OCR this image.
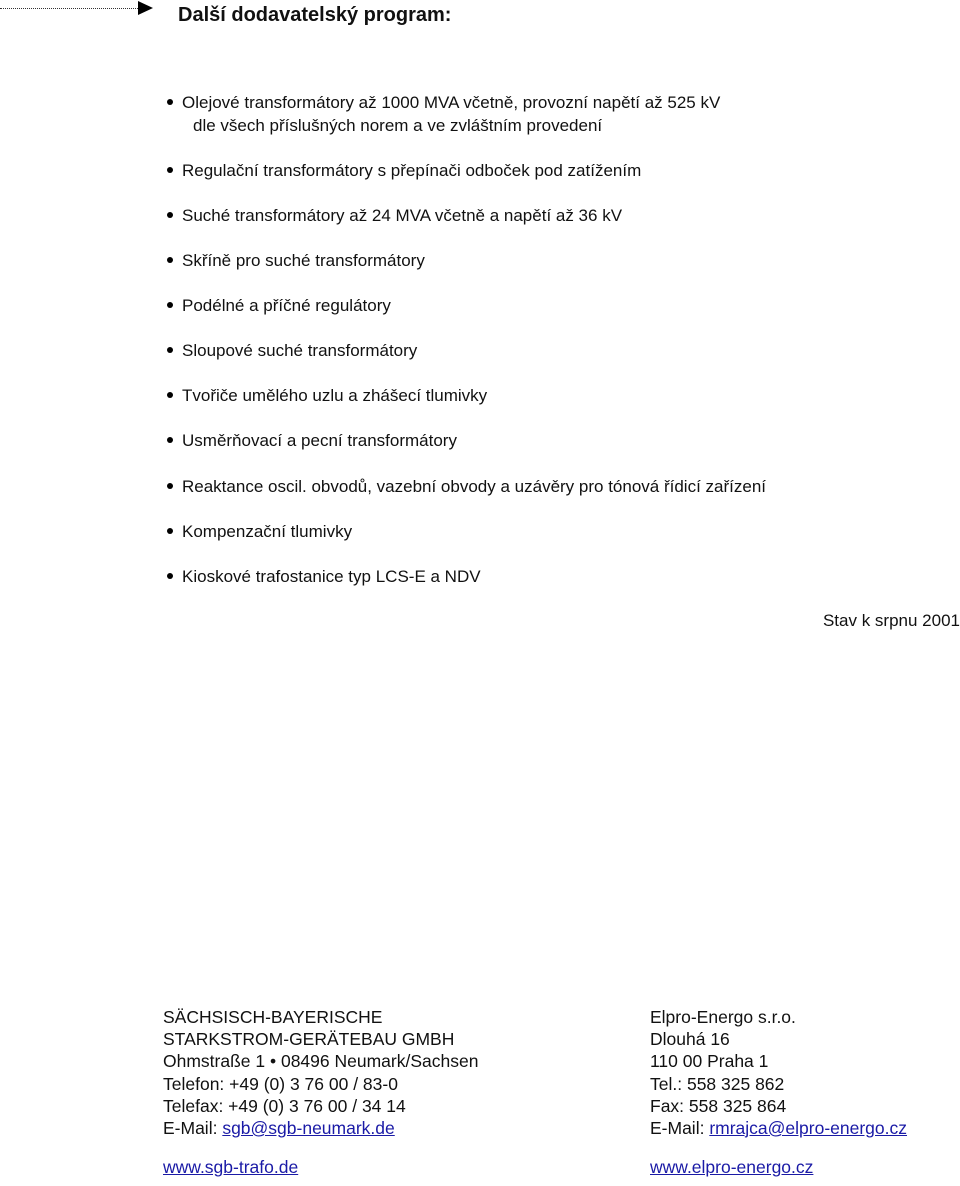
Další dodavatelský program:
Olejové transformátory až 1000 MVA včetně, provozní napětí až 525 kV
dle všech příslušných norem a ve zvláštním provedení
Regulační transformátory s přepínači odboček pod zatížením
Suché transformátory až 24 MVA včetně a napětí až 36 kV
Skříně pro suché transformátory
Podélné a příčné regulátory
Sloupové suché transformátory
Tvořiče umělého uzlu a zhášecí tlumivky
Usměrňovací a pecní transformátory
Reaktance oscil. obvodů, vazební obvody a uzávěry pro tónová řídicí zařízení
Kompenzační tlumivky
Kioskové trafostanice typ LCS-E a NDV
Stav k srpnu 2001
SÄCHSISCH-BAYERISCHE
STARKSTROM-GERÄTEBAU GMBH
Ohmstraße 1 • 08496 Neumark/Sachsen
Telefon: +49 (0) 3 76 00 / 83-0
Telefax: +49 (0) 3 76 00 / 34 14
E-Mail: sgb@sgb-neumark.de
www.sgb-trafo.de
Elpro-Energo s.r.o.
Dlouhá 16
110 00 Praha 1
Tel.: 558 325 862
Fax: 558 325 864
E-Mail: rmrajca@elpro-energo.cz
www.elpro-energo.cz
